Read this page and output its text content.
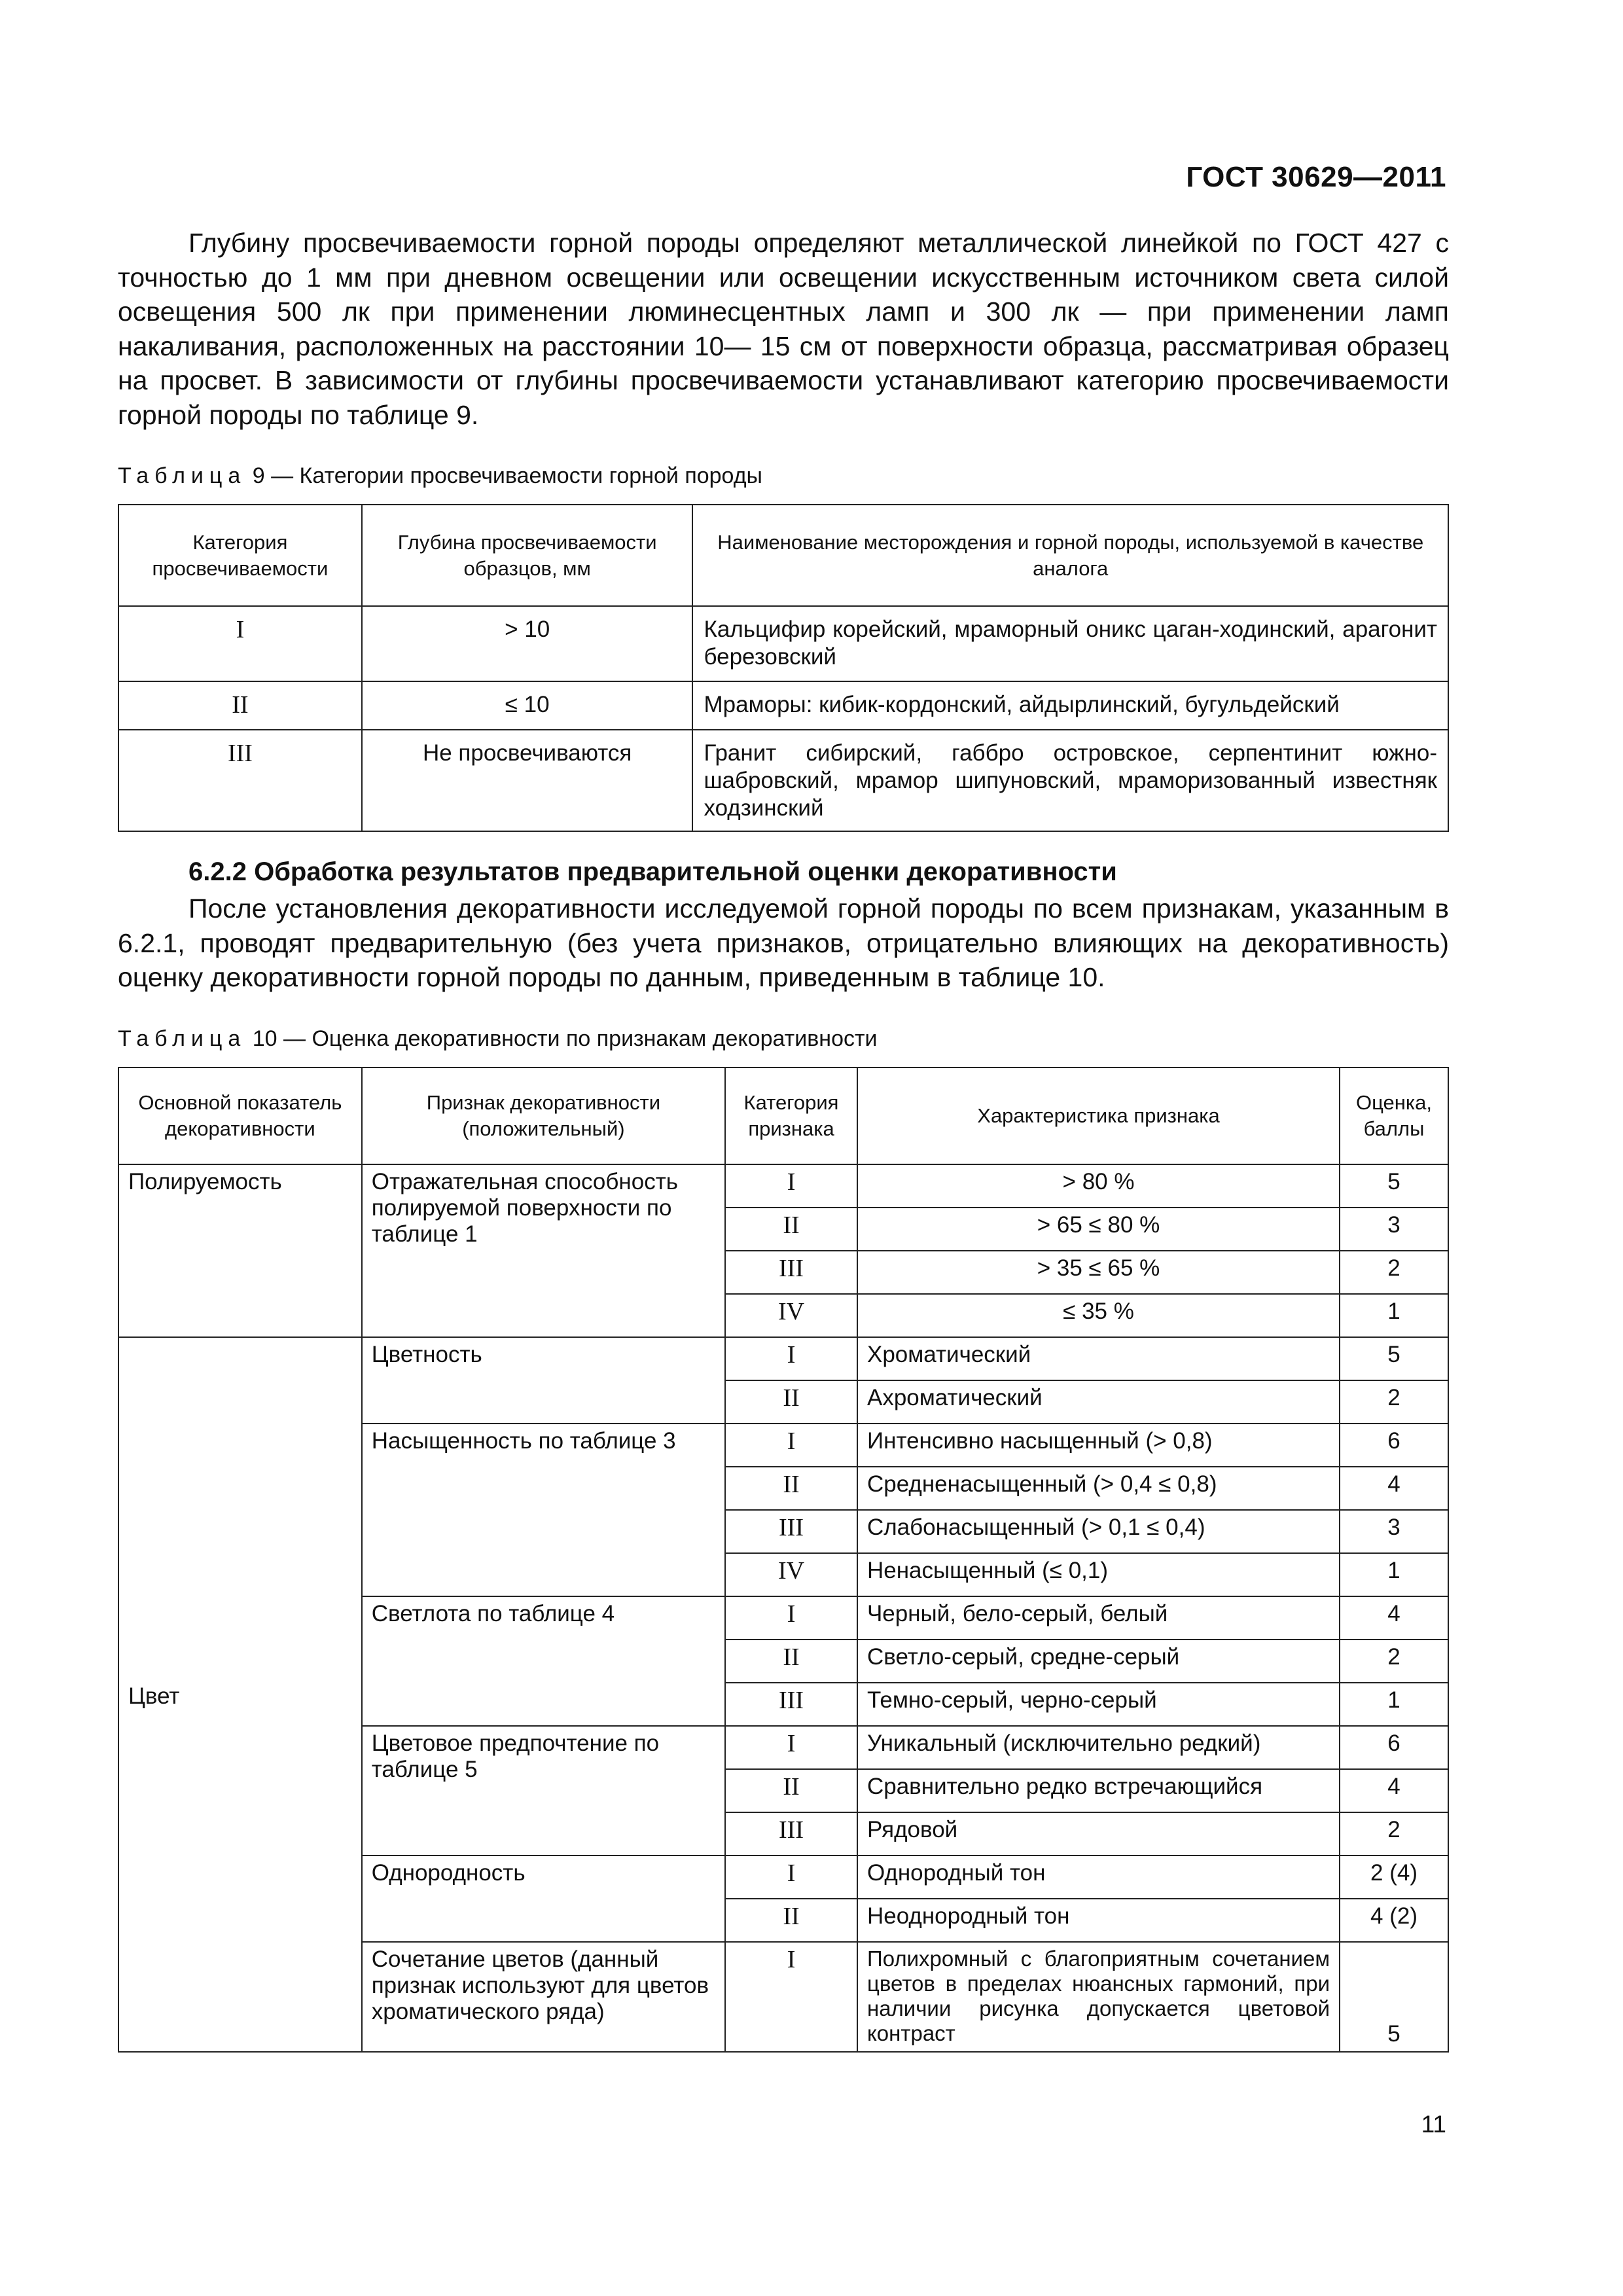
ГОСТ 30629—2011
Глубину просвечиваемости горной породы определяют металлической линейкой по ГОСТ 427 с точностью до 1 мм при дневном освещении или освещении искусственным источником света силой освещения 500 лк при применении люминесцентных ламп и 300 лк — при применении ламп накаливания, расположенных на расстоянии 10— 15 см от поверхности образца, рассматривая образец на просвет. В зависимости от глубины просвечиваемости устанавливают категорию просвечиваемости горной породы по таблице 9.
Таблица 9 — Категории просвечиваемости горной породы
Категория просвечиваемости	Глубина просвечиваемости образцов, мм	Наименование месторождения и горной породы, используемой в качестве аналога
I	> 10	Кальцифир корейский, мраморный оникс цаган-ходинский, арагонит березовский
II	≤ 10	Мраморы: кибик-кордонский, айдырлинский, бугульдейский
III	Не просвечиваются	Гранит сибирский, габбро островское, серпентинит южно-шабровский, мрамор шипуновский, мраморизованный известняк ходзинский
6.2.2 Обработка результатов предварительной оценки декоративности
После установления декоративности исследуемой горной породы по всем признакам, указанным в 6.2.1, проводят предварительную (без учета признаков, отрицательно влияющих на декоративность) оценку декоративности горной породы по данным, приведенным в таблице 10.
Таблица 10 — Оценка декоративности по признакам декоративности
Основной показатель декоративности	Признак декоративности (положительный)	Категория признака	Характеристика признака	Оценка, баллы
Полируемость	Отражательная способность полируемой поверхности по таблице 1	I	> 80 %	5
		II	> 65 ≤ 80 %	3
		III	> 35 ≤ 65 %	2
		IV	≤ 35 %	1
Цвет	Цветность	I	Хроматический	5
		II	Ахроматический	2
	Насыщенность по таблице 3	I	Интенсивно насыщенный (> 0,8)	6
		II	Средненасыщенный (> 0,4 ≤ 0,8)	4
		III	Слабонасыщенный (> 0,1 ≤ 0,4)	3
		IV	Ненасыщенный (≤ 0,1)	1
	Светлота по таблице 4	I	Черный, бело-серый, белый	4
		II	Светло-серый, средне-серый	2
		III	Темно-серый, черно-серый	1
	Цветовое предпочтение по таблице 5	I	Уникальный (исключительно редкий)	6
		II	Сравнительно редко встречающийся	4
		III	Рядовой	2
	Однородность	I	Однородный тон	2 (4)
		II	Неоднородный тон	4 (2)
	Сочетание цветов (данный признак используют для цветов хроматического ряда)	I	Полихромный с благоприятным сочетанием цветов в пределах нюансных гармоний, при наличии рисунка допускается цветовой контраст	5
11
